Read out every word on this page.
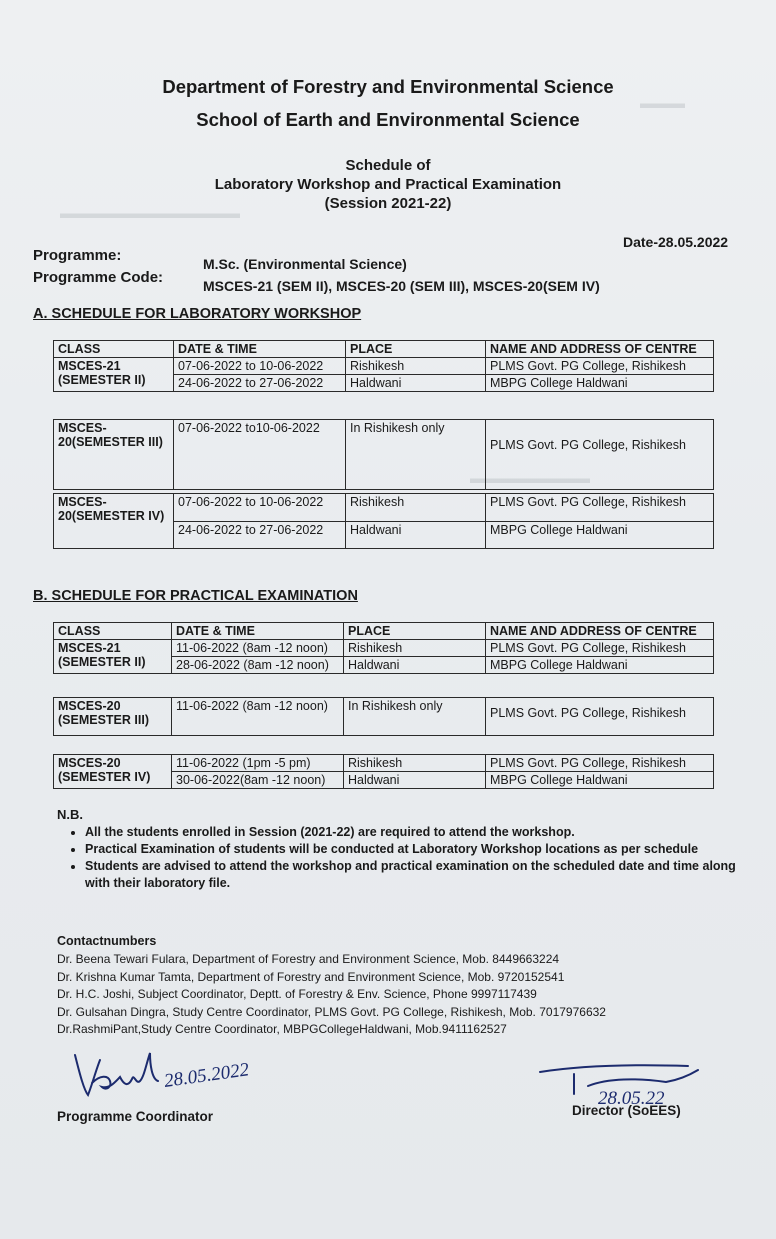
▬▬▬
▬▬▬▬▬▬▬▬▬▬▬▬
▬▬▬▬▬▬▬▬
Department of Forestry and Environmental Science
School of Earth and Environmental Science
Schedule of
Laboratory Workshop and Practical Examination
(Session 2021-22)
Date-28.05.2022
Programme:	M.Sc. (Environmental Science)
Programme Code:	MSCES-21 (SEM II), MSCES-20 (SEM III), MSCES-20(SEM IV)
A. SCHEDULE FOR LABORATORY WORKSHOP
CLASS	DATE & TIME	PLACE	NAME AND ADDRESS OF CENTRE
MSCES-21 (SEMESTER II)	07-06-2022 to 10-06-2022	Rishikesh	PLMS Govt. PG College, Rishikesh
	24-06-2022 to 27-06-2022	Haldwani	MBPG College Haldwani
MSCES-20(SEMESTER III)	07-06-2022 to10-06-2022	In Rishikesh only	PLMS Govt. PG College, Rishikesh
MSCES-20(SEMESTER IV)	07-06-2022 to 10-06-2022	Rishikesh	PLMS Govt. PG College, Rishikesh
	24-06-2022 to 27-06-2022	Haldwani	MBPG College Haldwani
B. SCHEDULE FOR PRACTICAL EXAMINATION
CLASS	DATE & TIME	PLACE	NAME AND ADDRESS OF CENTRE
MSCES-21 (SEMESTER II)	11-06-2022 (8am -12 noon)	Rishikesh	PLMS Govt. PG College, Rishikesh
	28-06-2022 (8am -12 noon)	Haldwani	MBPG College Haldwani
MSCES-20 (SEMESTER III)	11-06-2022 (8am -12 noon)	In Rishikesh only	PLMS Govt. PG College, Rishikesh
MSCES-20 (SEMESTER IV)	11-06-2022 (1pm -5 pm)	Rishikesh	PLMS Govt. PG College, Rishikesh
	30-06-2022(8am -12 noon)	Haldwani	MBPG College Haldwani
N.B.
• All the students enrolled in Session (2021-22) are required to attend the workshop.
• Practical Examination of students will be conducted at Laboratory Workshop locations as per schedule
• Students are advised to attend the workshop and practical examination on the scheduled date and time along with their laboratory file.
Contactnumbers
Dr. Beena Tewari Fulara, Department of Forestry and Environment Science, Mob. 8449663224
Dr. Krishna Kumar Tamta, Department of Forestry and Environment Science, Mob. 9720152541
Dr. H.C. Joshi, Subject Coordinator, Deptt. of Forestry & Env. Science, Phone 9997117439
Dr. Gulsahan Dingra, Study Centre Coordinator, PLMS Govt. PG College, Rishikesh, Mob. 7017976632
Dr.RashmiPant,Study Centre Coordinator, MBPGCollegeHaldwani, Mob.9411162527
28.05.2022
28.05.22
Programme Coordinator	Director (SoEES)
